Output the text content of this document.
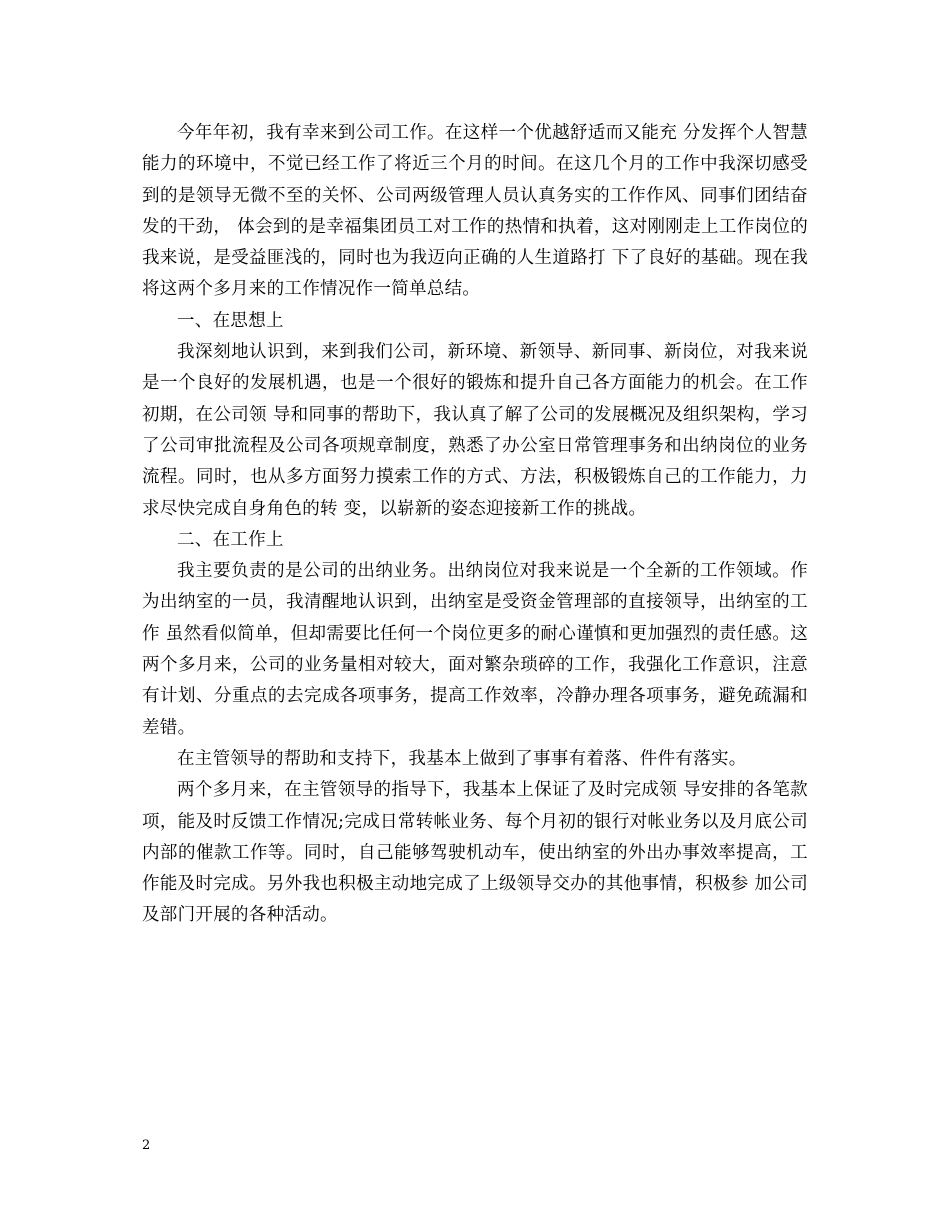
今年年初，我有幸来到公司工作。在这样一个优越舒适而又能充 分发挥个人智慧能力的环境中，不觉已经工作了将近三个月的时间。在这几个月的工作中我深切感受到的是领导无微不至的关怀、公司两级管理人员认真务实的工作作风、同事们团结奋发的干劲， 体会到的是幸福集团员工对工作的热情和执着，这对刚刚走上工作岗位的我来说，是受益匪浅的，同时也为我迈向正确的人生道路打 下了良好的基础。现在我将这两个多月来的工作情况作一简单总结。

一、在思想上

我深刻地认识到，来到我们公司，新环境、新领导、新同事、新岗位，对我来说是一个良好的发展机遇，也是一个很好的锻炼和提升自己各方面能力的机会。在工作初期，在公司领 导和同事的帮助下，我认真了解了公司的发展概况及组织架构，学习了公司审批流程及公司各项规章制度，熟悉了办公室日常管理事务和出纳岗位的业务流程。同时，也从多方面努力摸索工作的方式、方法，积极锻炼自己的工作能力，力求尽快完成自身角色的转 变，以崭新的姿态迎接新工作的挑战。

二、在工作上

我主要负责的是公司的出纳业务。出纳岗位对我来说是一个全新的工作领域。作为出纳室的一员，我清醒地认识到，出纳室是受资金管理部的直接领导，出纳室的工作 虽然看似简单，但却需要比任何一个岗位更多的耐心谨慎和更加强烈的责任感。这两个多月来，公司的业务量相对较大，面对繁杂琐碎的工作，我强化工作意识，注意有计划、分重点的去完成各项事务，提高工作效率，冷静办理各项事务，避免疏漏和差错。

在主管领导的帮助和支持下，我基本上做到了事事有着落、件件有落实。

两个多月来，在主管领导的指导下，我基本上保证了及时完成领 导安排的各笔款项，能及时反馈工作情况;完成日常转帐业务、每个月初的银行对帐业务以及月底公司内部的催款工作等。同时，自己能够驾驶机动车，使出纳室的外出办事效率提高，工作能及时完成。另外我也积极主动地完成了上级领导交办的其他事情，积极参 加公司及部门开展的各种活动。

2
